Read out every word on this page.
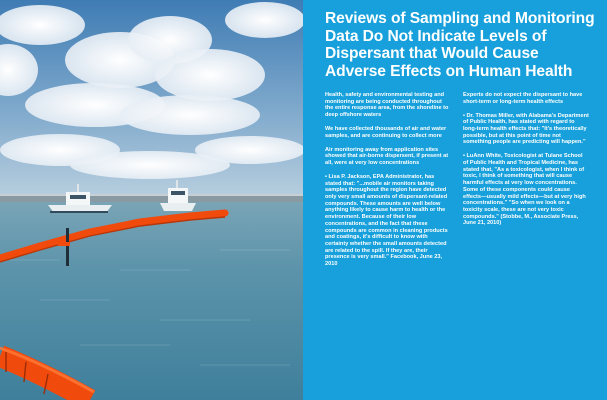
Reviews of Sampling and Monitoring Data Do Not Indicate Levels of Dispersant that Would Cause Adverse Effects on Human Health

Health, safety and environmental testing and monitoring are being conducted throughout the entire response area, from the shoreline to deep offshore waters

We have collected thousands of air and water samples, and are continuing to collect more

Air monitoring away from application sites showed that air-borne dispersent, if present at all, were at very low concentrations

• Lisa P. Jackson, EPA Administrator, has stated that: "...mobile air monitors taking samples throughout the region have detected only very small amounts of dispersant-related compounds. These amounts are well below anything likely to cause harm to health or the environment. Because of their low concentrations, and the fact that these compounds are common in cleaning products and coatings, it's difficult to know with certainty whether the small amounts detected are related to the spill. If they are, their presence is very small." Facebook, June 23, 2010

Experts do not expect the dispersant to have short-term or long-term health effects

• Dr. Thomas Miller, with Alabama's Department of Public Health, has stated with regard to long-term health effects that: "It's theoretically possible, but at this point of time not something people are predicting will happen."

• LuAnn White, Toxicologist at Tulane School of Public Health and Tropical Medicine, has stated that, "As a toxicologist, when I think of toxic, I think of something that will cause harmful effects at very low concentrations. Some of these components could cause effects—usually mild effects—but at very high concentrations." "So when we look on a toxicity scale, these are not very toxic compounds." (Stobbe, M., Associate Press, June 21, 2010)
